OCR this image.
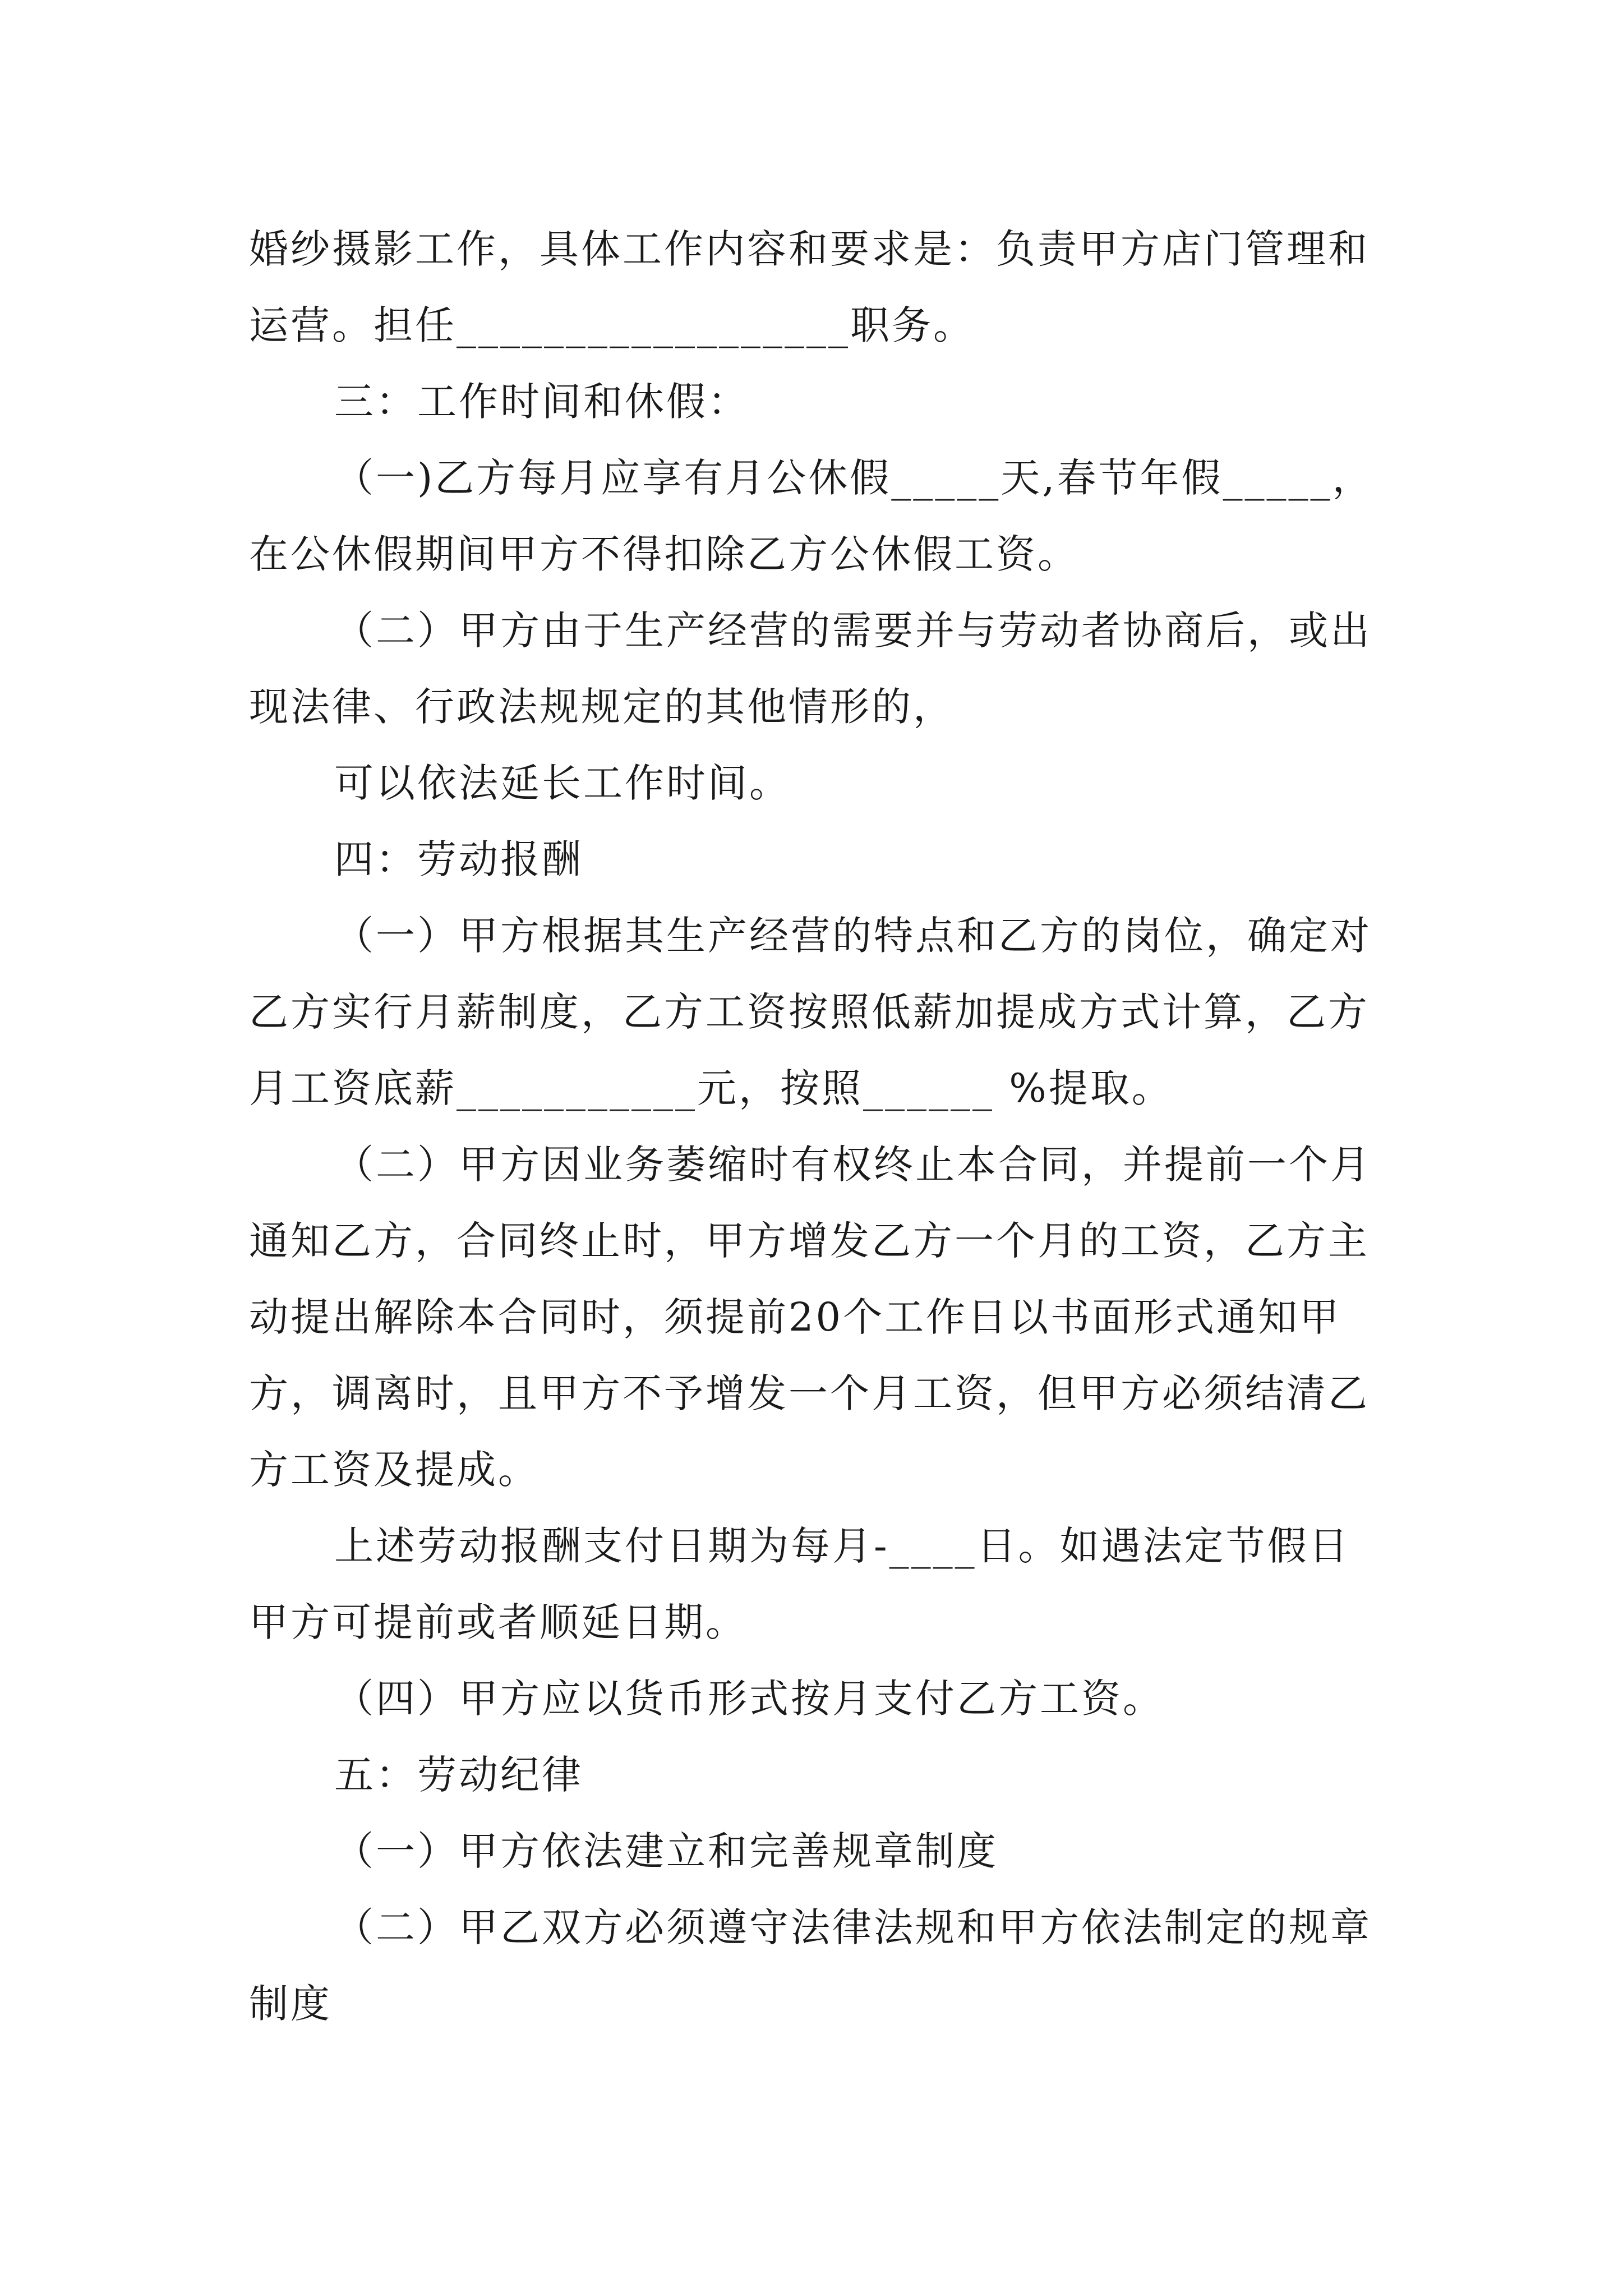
婚纱摄影工作，具体工作内容和要求是：负责甲方店门管理和运营。担任__________________职务。

三：工作时间和休假：

（一)乙方每月应享有月公休假_____天,春节年假_____，在公休假期间甲方不得扣除乙方公休假工资。

（二）甲方由于生产经营的需要并与劳动者协商后，或出现法律、行政法规规定的其他情形的，

可以依法延长工作时间。

四：劳动报酬

（一）甲方根据其生产经营的特点和乙方的岗位，确定对乙方实行月薪制度，乙方工资按照低薪加提成方式计算，乙方月工资底薪___________元，按照______ %提取。

（二）甲方因业务萎缩时有权终止本合同，并提前一个月通知乙方，合同终止时，甲方增发乙方一个月的工资，乙方主动提出解除本合同时，须提前20个工作日以书面形式通知甲方，调离时，且甲方不予增发一个月工资，但甲方必须结清乙方工资及提成。

上述劳动报酬支付日期为每月-____日。如遇法定节假日甲方可提前或者顺延日期。

（四）甲方应以货币形式按月支付乙方工资。

五：劳动纪律

（一）甲方依法建立和完善规章制度

（二）甲乙双方必须遵守法律法规和甲方依法制定的规章制度
